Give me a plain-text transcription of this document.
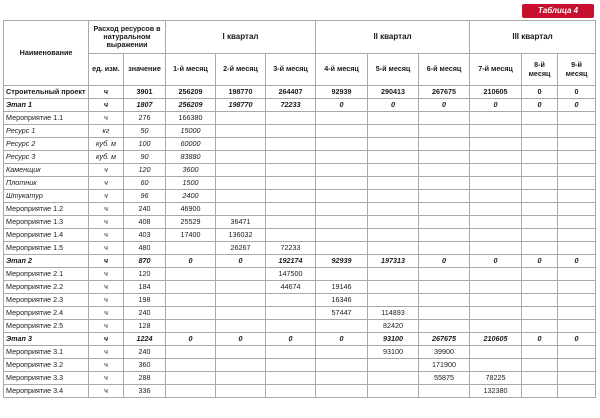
Таблица 4
Наименование	Расход ресурсов в натуральном выражении		I квартал			II квартал			III квартал		
	ед. изм.	значение	1-й месяц	2-й месяц	3-й месяц	4-й месяц	5-й месяц	6-й месяц	7-й месяц	8-й месяц	9-й месяц
Строительный проект	ч	3901	256209	198770	264407	92939	290413	267675	210605	0	0
Этап 1	ч	1807	256209	198770	72233	0	0	0	0	0	0
Мероприятие 1.1	ч	276	166380								
Ресурс 1	кг	50	15000								
Ресурс 2	куб. м	100	60000								
Ресурс 3	куб. м	90	83880								
Каменщик	ч	120	3600								
Плотник	ч	60	1500								
Штукатур	ч	96	2400								
Мероприятие 1.2	ч	240	46900								
Мероприятие 1.3	ч	408	25529	36471							
Мероприятие 1.4	ч	403	17400	136032							
Мероприятие 1.5	ч	480		26267	72233						
Этап 2	ч	870	0	0	192174	92939	197313	0	0	0	0
Мероприятие 2.1	ч	120			147500						
Мероприятие 2.2	ч	184			44674	19146					
Мероприятие 2.3	ч	198				16346					
Мероприятие 2.4	ч	240				57447	114893				
Мероприятие 2.5	ч	128					82420				
Этап 3	ч	1224	0	0	0	0	93100	267675	210605	0	0
Мероприятие 3.1	ч	240					93100	39900			
Мероприятие 3.2	ч	360						171900			
Мероприятие 3.3	ч	288						55875	78225		
Мероприятие 3.4	ч	336							132380		
